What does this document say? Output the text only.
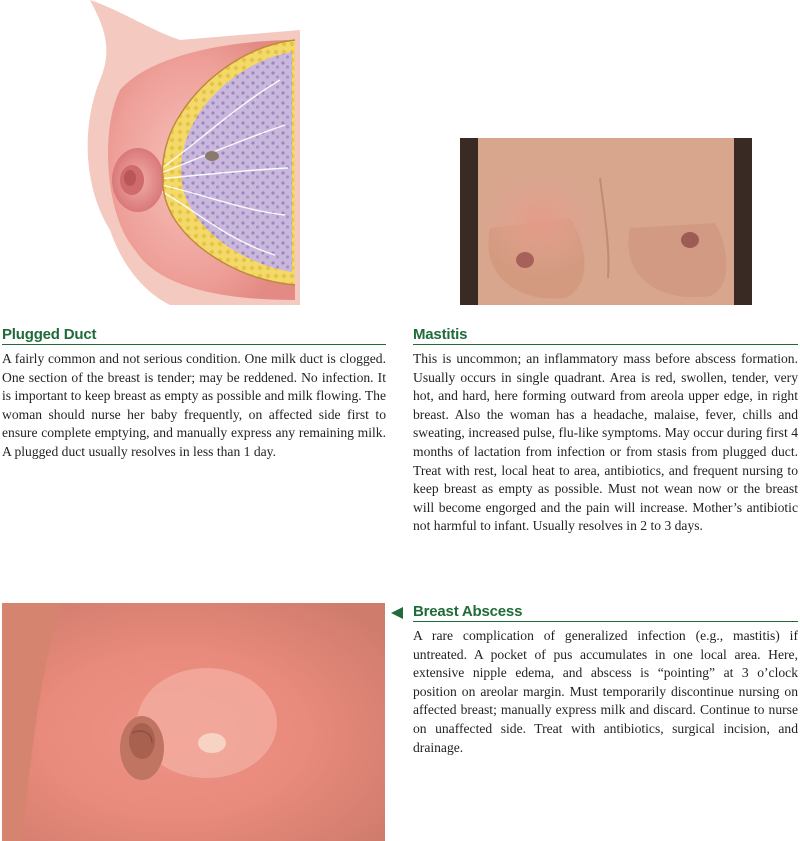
Plugged Duct
A fairly common and not serious condition. One milk duct is clogged. One section of the breast is tender; may be reddened. No infection. It is important to keep breast as empty as possible and milk flowing. The woman should nurse her baby frequently, on affected side first to ensure complete emptying, and manually express any remaining milk. A plugged duct usually resolves in less than 1 day.
Mastitis
This is uncommon; an inflammatory mass before abscess formation. Usually occurs in single quadrant. Area is red, swollen, tender, very hot, and hard, here forming outward from areola upper edge, in right breast. Also the woman has a headache, malaise, fever, chills and sweating, increased pulse, flu-like symptoms. May occur during first 4 months of lactation from infection or from stasis from plugged duct. Treat with rest, local heat to area, antibiotics, and frequent nursing to keep breast as empty as possible. Must not wean now or the breast will become engorged and the pain will increase. Mother’s antibiotic not harmful to infant. Usually resolves in 2 to 3 days.
Breast Abscess
A rare complication of generalized infection (e.g., mastitis) if untreated. A pocket of pus accumulates in one local area. Here, extensive nipple edema, and abscess is “pointing” at 3 o’clock position on areolar margin. Must temporarily discontinue nursing on affected breast; manually express milk and discard. Continue to nurse on unaffected side. Treat with antibiotics, surgical incision, and drainage.
